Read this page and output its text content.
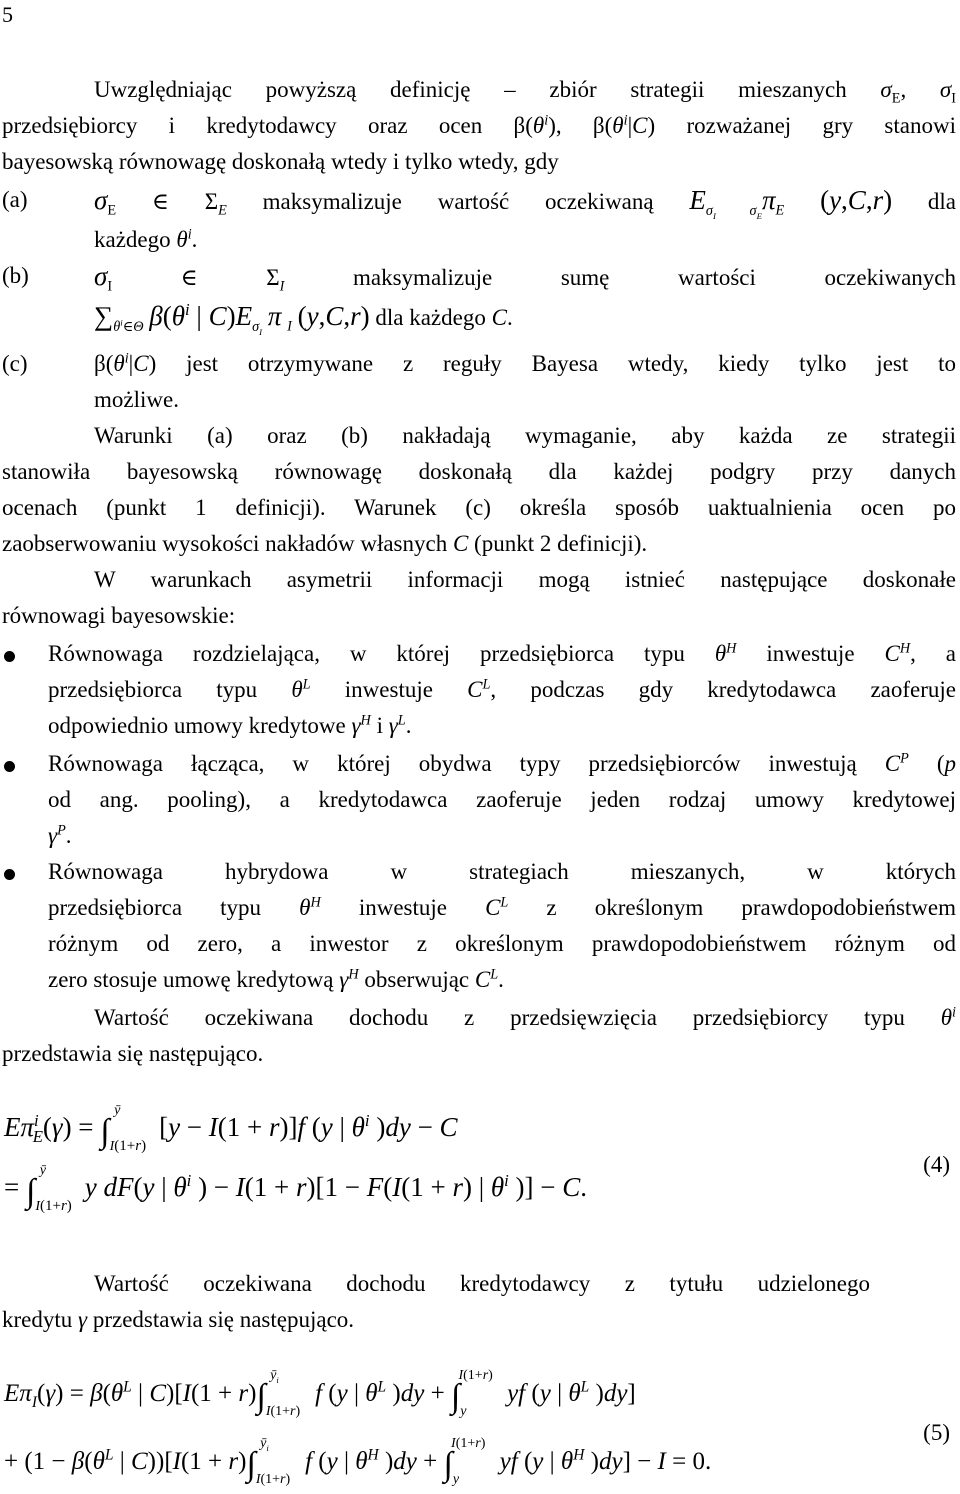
5
Uwzględniając powyższą definicję – zbiór strategii mieszanych $\sigma_E$, $\sigma_I$
przedsiębiorcy i kredytodawcy oraz ocen $\beta(\theta^i)$, $\beta(\theta^i|C)$ rozważanej gry stanowi
bayesowską równowagę doskonałą wtedy i tylko wtedy, gdy
(a) $\sigma_E$ ∈ $\Sigma_E$ maksymalizuje wartość oczekiwaną $E_{\sigma_I \sigma_E}\pi_E$ (y,C,r) dla
każdego $\theta^i$.
(b) $\sigma_I$ ∈ $\Sigma_I$ maksymalizuje sumę wartości oczekiwanych
$\sum_{\theta^i\in\Theta}$ $\beta(\theta^i$ | $C)E_{\sigma_I}$ π $_I$ (y,C,r) dla każdego C.
(c)	$\beta(\theta^i|C)$ jest otrzymywane z reguły Bayesa wtedy, kiedy tylko jest to
możliwe.
Warunki (a) oraz (b) nakładają wymaganie, aby każda ze strategii
stanowiła bayesowską równowagę doskonałą dla każdej podgry przy danych
ocenach (punkt 1 definicji). Warunek (c) określa sposób uaktualnienia ocen po
zaobserwowaniu wysokości nakładów własnych C (punkt 2 definicji).
W warunkach asymetrii informacji mogą istnieć następujące doskonałe
równowagi bayesowskie:
Równowaga rozdzielająca, w której przedsiębiorca typu $\theta^H$ inwestuje $C^H$, a
przedsiębiorca typu $\theta^L$ inwestuje $C^L$, podczas gdy kredytodawca zaoferuje
odpowiednio umowy kredytowe $\gamma^H$ i $\gamma^L$.
Równowaga łącząca, w której obydwa typy przedsiębiorców inwestują $C^P$ (p
od ang. pooling), a kredytodawca zaoferuje jeden rodzaj umowy kredytowej
$\gamma^P$.
Równowaga hybrydowa w strategiach mieszanych, w których
przedsiębiorca typu $\theta^H$ inwestuje $C^L$ z określonym prawdopodobieństwem
różnym od zero, a inwestor z określonym prawdopodobieństwem różnym od
zero stosuje umowę kredytową $\gamma^H$ obserwując $C^L$.
Wartość oczekiwana dochodu z przedsięwzięcia przedsiębiorcy typu $\theta^i$
przedstawia się następująco.
$E\pi^i_E(\gamma) = \int_{I(1+r)}^ȳ$ [y − I(1 + r)]f (y | $\theta^i$ )dy − C
= $\int_{I(1+r)}^ȳ$ y dF(y | $\theta^i$ ) − I(1 + r)[1 − F(I(1 + r) | $\theta^i$ )] − C.
(4)
Wartość oczekiwana dochodu kredytodawcy z tytułu udzielonego
kredytu γ przedstawia się następująco.
$E\pi_I(\gamma) = \beta(\theta^L$ | $C)[I(1 + r)\int_{I(1+r)}^{ȳ_i}$ f (y | $\theta^L$ )$dy + \int_y^{I(1+r)}$ yf (y | $\theta^L$ )dy]
+ ($1 - \beta(\theta^L$ | $C))[I(1 + r)\int_{I(1+r)}^{ȳ_i}$ f (y | $\theta^H$ )$dy + \int_y^{I(1+r)}$ yf (y | $\theta^H$ )dy] − I = 0.
(5)
